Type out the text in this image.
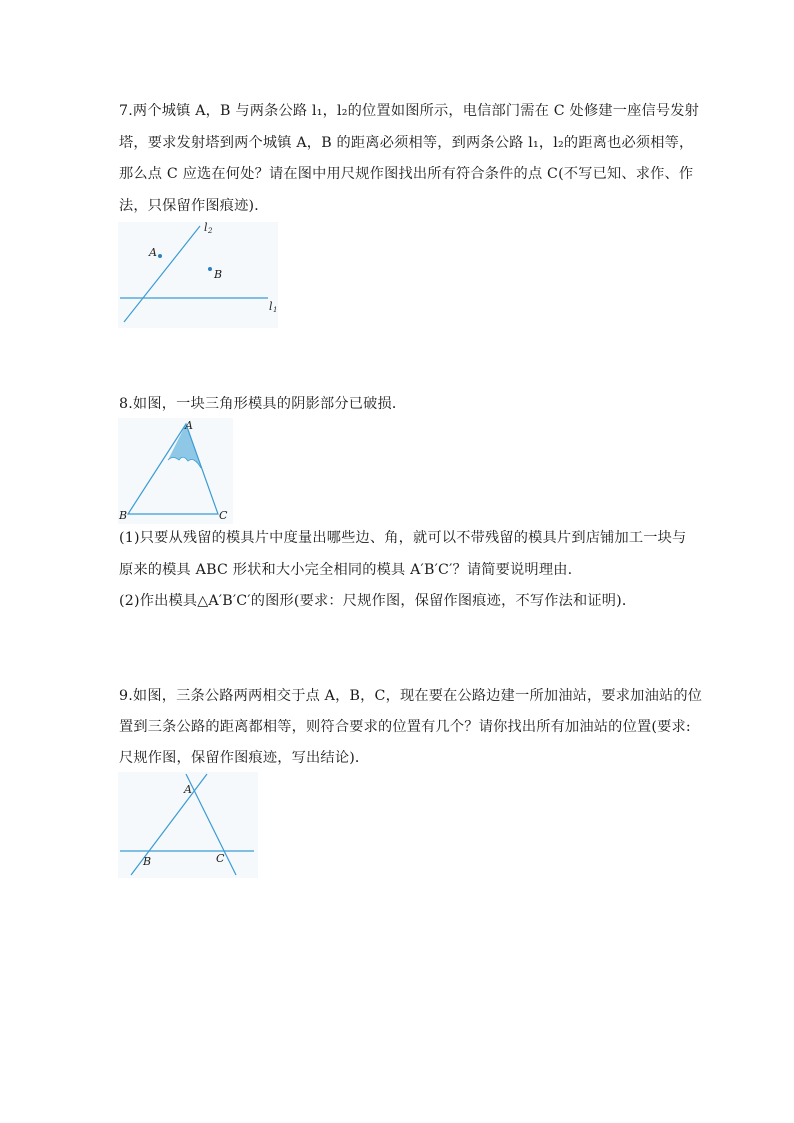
7.两个城镇 A，B 与两条公路 l₁，l₂的位置如图所示，电信部门需在 C 处修建一座信号发射
塔，要求发射塔到两个城镇 A，B 的距离必须相等，到两条公路 l₁，l₂的距离也必须相等，
那么点 C 应选在何处？请在图中用尺规作图找出所有符合条件的点 C(不写已知、求作、作
法，只保留作图痕迹)．
A
B
l 1
l 2
8.如图，一块三角形模具的阴影部分已破损．
A
B	C
(1)只要从残留的模具片中度量出哪些边、角，就可以不带残留的模具片到店铺加工一块与
原来的模具 ABC 形状和大小完全相同的模具 A′B′C′？请简要说明理由.
(2)作出模具△A′B′C′的图形(要求：尺规作图，保留作图痕迹，不写作法和证明)．
9.如图，三条公路两两相交于点 A，B，C，现在要在公路边建一所加油站，要求加油站的位
置到三条公路的距离都相等，则符合要求的位置有几个？请你找出所有加油站的位置(要求:
尺规作图，保留作图痕迹，写出结论)．
A
B	C
